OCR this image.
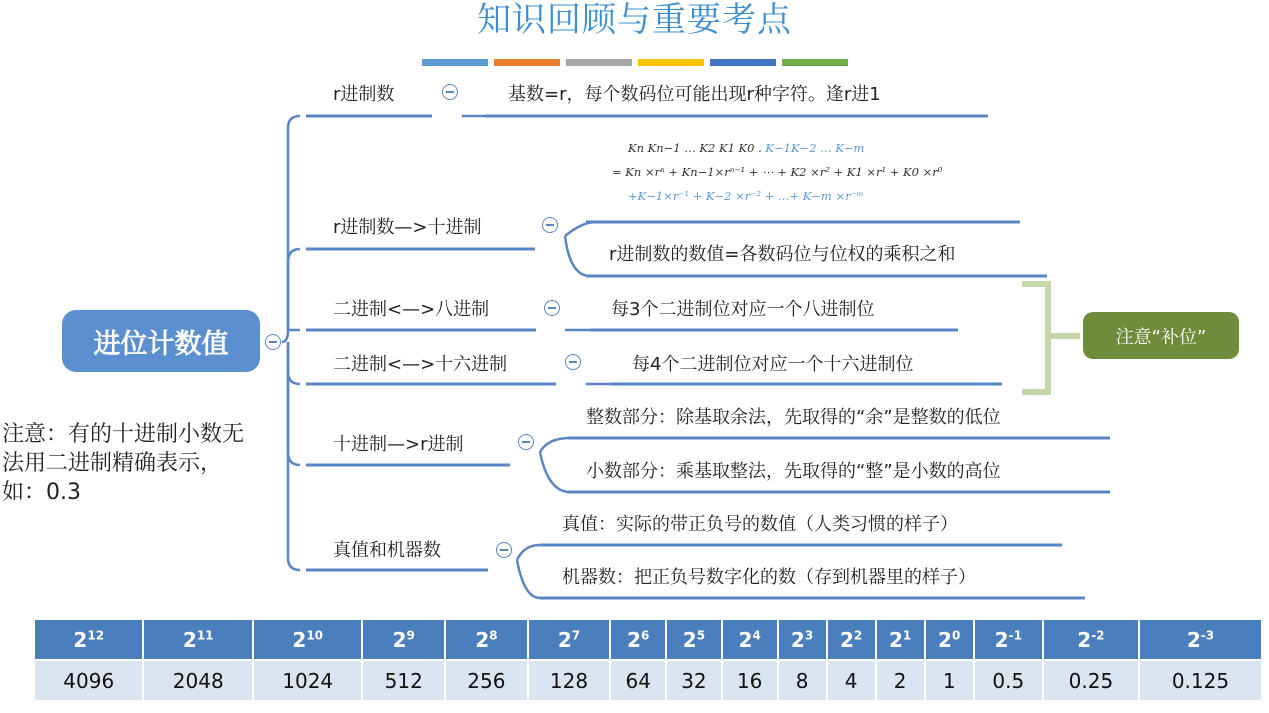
知识回顾与重要考点
进位计数值
r进制数
r进制数—>十进制
二进制<—>八进制
二进制<—>十六进制
十进制—>r进制
真值和机器数
基数=r，每个数码位可能出现r种字符。逢r进1
r进制数的数值=各数码位与位权的乘积之和
每3个二进制位对应一个八进制位
每4个二进制位对应一个十六进制位
整数部分：除基取余法，先取得的“余”是整数的低位
小数部分：乘基取整法，先取得的“整”是小数的高位
真值：实际的带正负号的数值（人类习惯的样子）
机器数：把正负号数字化的数（存到机器里的样子）
Kn Kn−1 … K2 K1 K0 . K−1K−2 … K−m
= Kn ×rⁿ + Kn−1×rⁿ⁻¹ + ⋯ + K2 ×r² + K1 ×r¹ + K0 ×r⁰
+K−1×r⁻¹ + K−2 ×r⁻² + …+ K−m ×r⁻ᵐ
注意“补位”
注意：有的十进制小数无法用二进制精确表示，如：0.3
$2^{12}$	$2^{11}$	$2^{10}$	$2^9$	$2^8$	$2^7$	$2^6$	$2^5$	$2^4$	$2^3$	$2^2$	$2^1$	$2^0$	$2^{-1}$	$2^{-2}$	$2^{-3}$
4096	2048	1024	512	256	128	64	32	16	8	4	2	1	0.5	0.25	0.125
